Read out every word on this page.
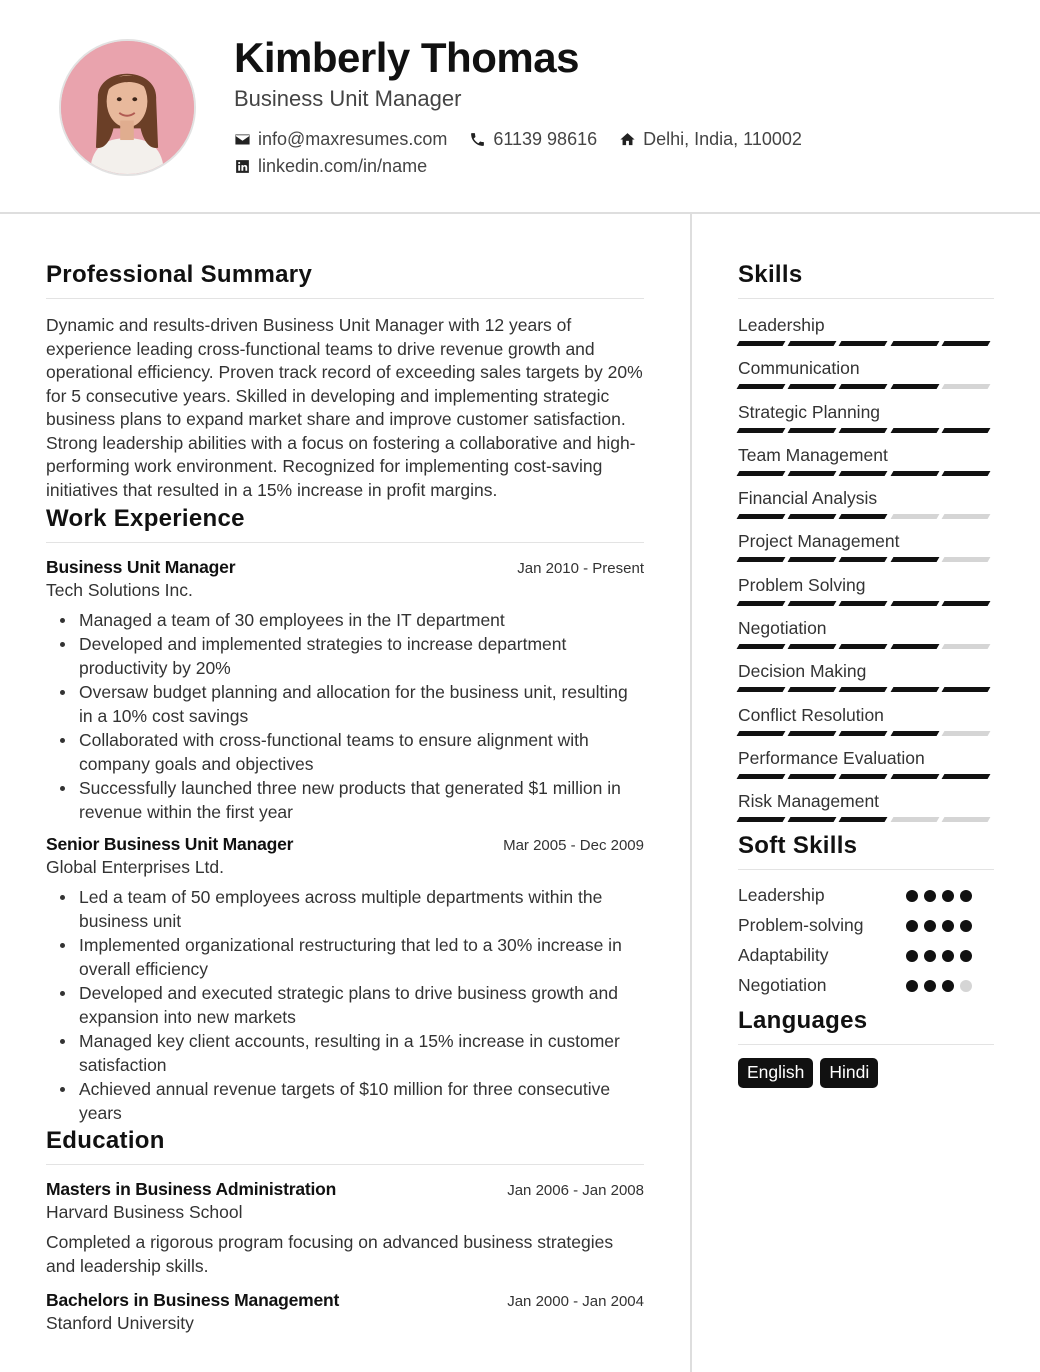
Kimberly Thomas
Business Unit Manager
info@maxresumes.com	61139 98616	Delhi, India, 110002
linkedin.com/in/name
Professional Summary
Dynamic and results-driven Business Unit Manager with 12 years of experience leading cross-functional teams to drive revenue growth and operational efficiency. Proven track record of exceeding sales targets by 20% for 5 consecutive years. Skilled in developing and implementing strategic business plans to expand market share and improve customer satisfaction. Strong leadership abilities with a focus on fostering a collaborative and high-performing work environment. Recognized for implementing cost-saving initiatives that resulted in a 15% increase in profit margins.
Work Experience
Business Unit Manager	Jan 2010 - Present
Tech Solutions Inc.
Managed a team of 30 employees in the IT department
Developed and implemented strategies to increase department productivity by 20%
Oversaw budget planning and allocation for the business unit, resulting in a 10% cost savings
Collaborated with cross-functional teams to ensure alignment with company goals and objectives
Successfully launched three new products that generated $1 million in revenue within the first year
Senior Business Unit Manager	Mar 2005 - Dec 2009
Global Enterprises Ltd.
Led a team of 50 employees across multiple departments within the business unit
Implemented organizational restructuring that led to a 30% increase in overall efficiency
Developed and executed strategic plans to drive business growth and expansion into new markets
Managed key client accounts, resulting in a 15% increase in customer satisfaction
Achieved annual revenue targets of $10 million for three consecutive years
Education
Masters in Business Administration	Jan 2006 - Jan 2008
Harvard Business School
Completed a rigorous program focusing on advanced business strategies and leadership skills.
Bachelors in Business Management	Jan 2000 - Jan 2004
Stanford University
Skills
Leadership
Communication
Strategic Planning
Team Management
Financial Analysis
Project Management
Problem Solving
Negotiation
Decision Making
Conflict Resolution
Performance Evaluation
Risk Management
Soft Skills
Leadership
Problem-solving
Adaptability
Negotiation
Languages
English	Hindi
